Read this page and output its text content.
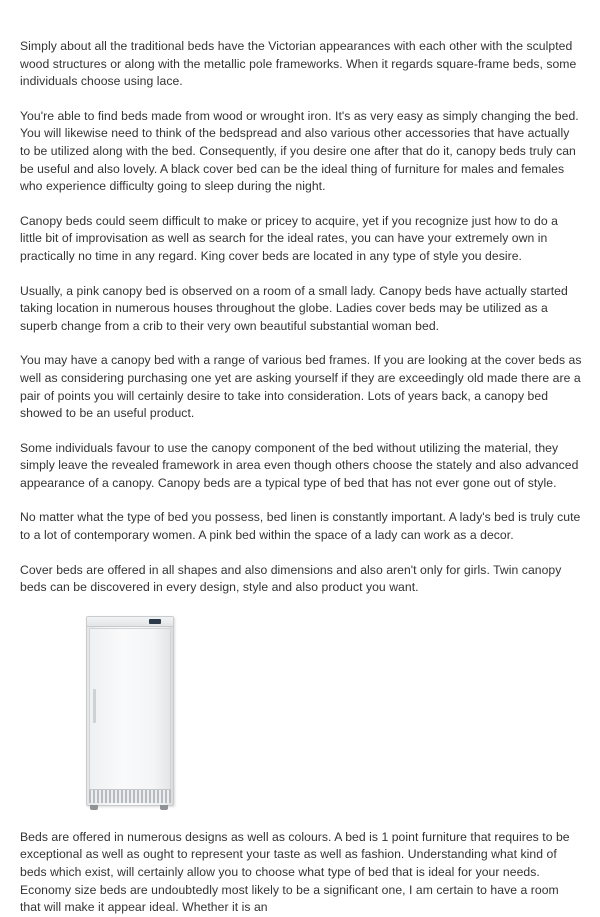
Simply about all the traditional beds have the Victorian appearances with each other with the sculpted wood structures or along with the metallic pole frameworks. When it regards square-frame beds, some individuals choose using lace.

You're able to find beds made from wood or wrought iron. It's as very easy as simply changing the bed. You will likewise need to think of the bedspread and also various other accessories that have actually to be utilized along with the bed. Consequently, if you desire one after that do it, canopy beds truly can be useful and also lovely. A black cover bed can be the ideal thing of furniture for males and females who experience difficulty going to sleep during the night.

Canopy beds could seem difficult to make or pricey to acquire, yet if you recognize just how to do a little bit of improvisation as well as search for the ideal rates, you can have your extremely own in practically no time in any regard. King cover beds are located in any type of style you desire.

Usually, a pink canopy bed is observed on a room of a small lady. Canopy beds have actually started taking location in numerous houses throughout the globe. Ladies cover beds may be utilized as a superb change from a crib to their very own beautiful substantial woman bed.

You may have a canopy bed with a range of various bed frames. If you are looking at the cover beds as well as considering purchasing one yet are asking yourself if they are exceedingly old made there are a pair of points you will certainly desire to take into consideration. Lots of years back, a canopy bed showed to be an useful product.

Some individuals favour to use the canopy component of the bed without utilizing the material, they simply leave the revealed framework in area even though others choose the stately and also advanced appearance of a canopy. Canopy beds are a typical type of bed that has not ever gone out of style.

No matter what the type of bed you possess, bed linen is constantly important. A lady's bed is truly cute to a lot of contemporary women. A pink bed within the space of a lady can work as a decor.

Cover beds are offered in all shapes and also dimensions and also aren't only for girls. Twin canopy beds can be discovered in every design, style and also product you want.

Beds are offered in numerous designs as well as colours. A bed is 1 point furniture that requires to be exceptional as well as ought to represent your taste as well as fashion. Understanding what kind of beds which exist, will certainly allow you to choose what type of bed that is ideal for your needs. Economy size beds are undoubtedly most likely to be a significant one, I am certain to have a room that will make it appear ideal. Whether it is an
